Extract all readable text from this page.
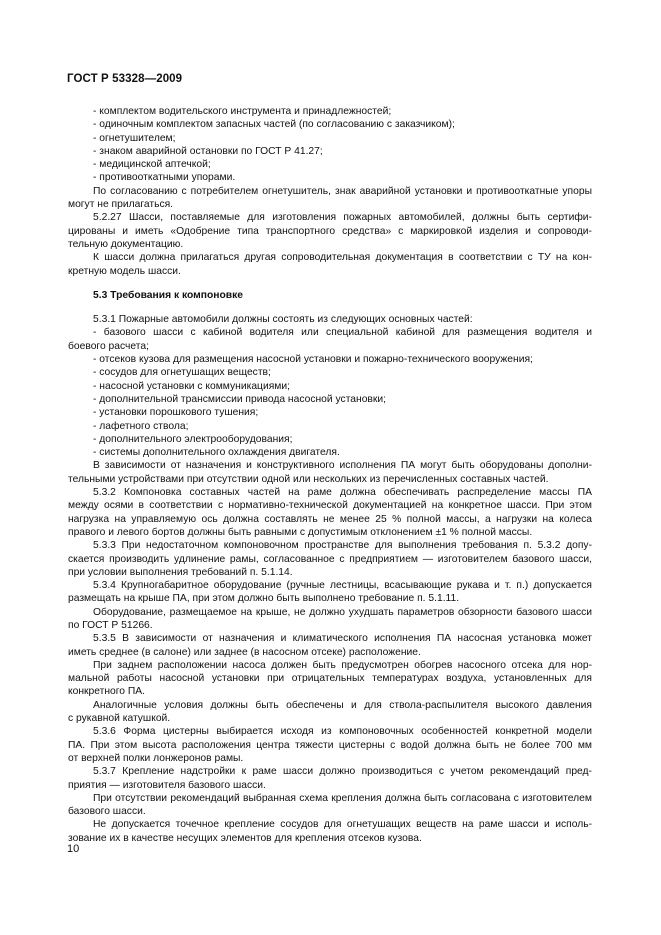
ГОСТ Р 53328—2009

- комплектом водительского инструмента и принадлежностей;

- одиночным комплектом запасных частей (по согласованию с заказчиком);

- огнетушителем;

- знаком аварийной остановки по ГОСТ Р 41.27;

- медицинской аптечкой;

- противооткатными упорами.

По согласованию с потребителем огнетушитель, знак аварийной установки и противооткатные упоры

могут не прилагаться.

5.2.27 Шасси, поставляемые для изготовления пожарных автомобилей, должны быть сертифи-

цированы и иметь «Одобрение типа транспортного средства» с маркировкой изделия и сопроводи-

тельную документацию.

К шасси должна прилагаться другая сопроводительная документация в соответствии с ТУ на кон-

кретную модель шасси.

5.3 Требования к компоновке

5.3.1 Пожарные автомобили должны состоять из следующих основных частей:

- базового шасси с кабиной водителя или специальной кабиной для размещения водителя и

боевого расчета;

- отсеков кузова для размещения насосной установки и пожарно-технического вооружения;

- сосудов для огнетушащих веществ;

- насосной установки с коммуникациями;

- дополнительной трансмиссии привода насосной установки;

- установки порошкового тушения;

- лафетного ствола;

- дополнительного электрооборудования;

- системы дополнительного охлаждения двигателя.

В зависимости от назначения и конструктивного исполнения ПА могут быть оборудованы дополни-

тельными устройствами при отсутствии одной или нескольких из перечисленных составных частей.

5.3.2 Компоновка составных частей на раме должна обеспечивать распределение массы ПА

между осями в соответствии с нормативно-технической документацией на конкретное шасси. При этом

нагрузка на управляемую ось должна составлять не менее 25 % полной массы, а нагрузки на колеса

правого и левого бортов должны быть равными с допустимым отклонением ±1 % полной массы.

5.3.3 При недостаточном компоновочном пространстве для выполнения требования п. 5.3.2 допу-

скается производить удлинение рамы, согласованное с предприятием — изготовителем базового шасси,

при условии выполнения требований п. 5.1.14.

5.3.4 Крупногабаритное оборудование (ручные лестницы, всасывающие рукава и т. п.) допускается

размещать на крыше ПА, при этом должно быть выполнено требование п. 5.1.11.

Оборудование, размещаемое на крыше, не должно ухудшать параметров обзорности базового шасси

по ГОСТ Р 51266.

5.3.5 В зависимости от назначения и климатического исполнения ПА насосная установка может

иметь среднее (в салоне) или заднее (в насосном отсеке) расположение.

При заднем расположении насоса должен быть предусмотрен обогрев насосного отсека для нор-

мальной работы насосной установки при отрицательных температурах воздуха, установленных для

конкретного ПА.

Аналогичные условия должны быть обеспечены и для ствола-распылителя высокого давления

с рукавной катушкой.

5.3.6 Форма цистерны выбирается исходя из компоновочных особенностей конкретной модели

ПА. При этом высота расположения центра тяжести цистерны с водой должна быть не более 700 мм

от верхней полки лонжеронов рамы.

5.3.7 Крепление надстройки к раме шасси должно производиться с учетом рекомендаций пред-

приятия — изготовителя базового шасси.

При отсутствии рекомендаций выбранная схема крепления должна быть согласована с изготовителем

базового шасси.

Не допускается точечное крепление сосудов для огнетушащих веществ на раме шасси и исполь-

зование их в качестве несущих элементов для крепления отсеков кузова.

10
